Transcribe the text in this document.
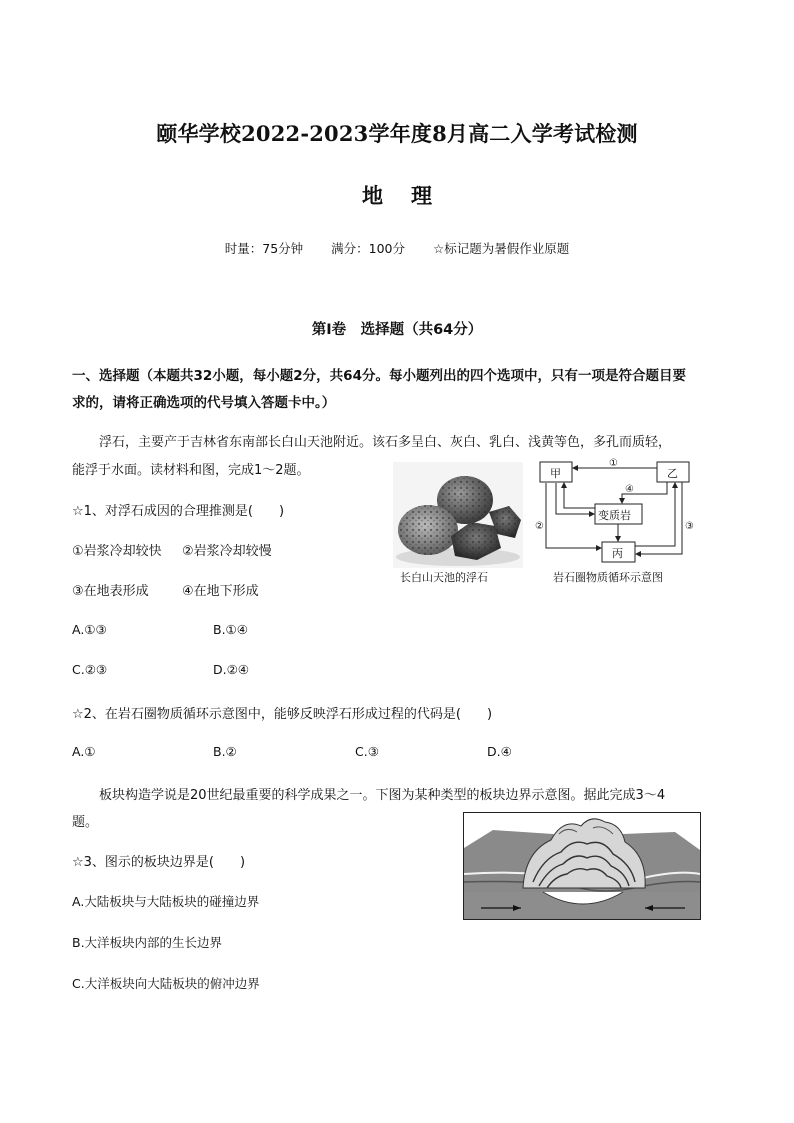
颐华学校2022-2023学年度8月高二入学考试检测
地理
时量：75分钟 满分：100分 ☆标记题为暑假作业原题
第Ⅰ卷　选择题（共64分）
一、选择题（本题共32小题，每小题2分，共64分。每小题列出的四个选项中，只有一项是符合题目要
求的，请将正确选项的代号填入答题卡中。）
浮石，主要产于吉林省东南部长白山天池附近。该石多呈白、灰白、乳白、浅黄等色，多孔而质轻，
能浮于水面。读材料和图，完成1～2题。
☆1、对浮石成因的合理推测是(　　)
①岩浆冷却较快 ②岩浆冷却较慢
③在地表形成	④在地下形成
A.①③	B.①④
C.②③	D.②④
长白山天池的浮石
甲	乙
变质岩
丙
①
②	③
④
岩石圈物质循环示意图
☆2、在岩石圈物质循环示意图中，能够反映浮石形成过程的代码是(　　)
A.①	B.②	C.③	D.④
板块构造学说是20世纪最重要的科学成果之一。下图为某种类型的板块边界示意图。据此完成3～4
题。
☆3、图示的板块边界是(　　)
A.大陆板块与大陆板块的碰撞边界
B.大洋板块内部的生长边界
C.大洋板块向大陆板块的俯冲边界
